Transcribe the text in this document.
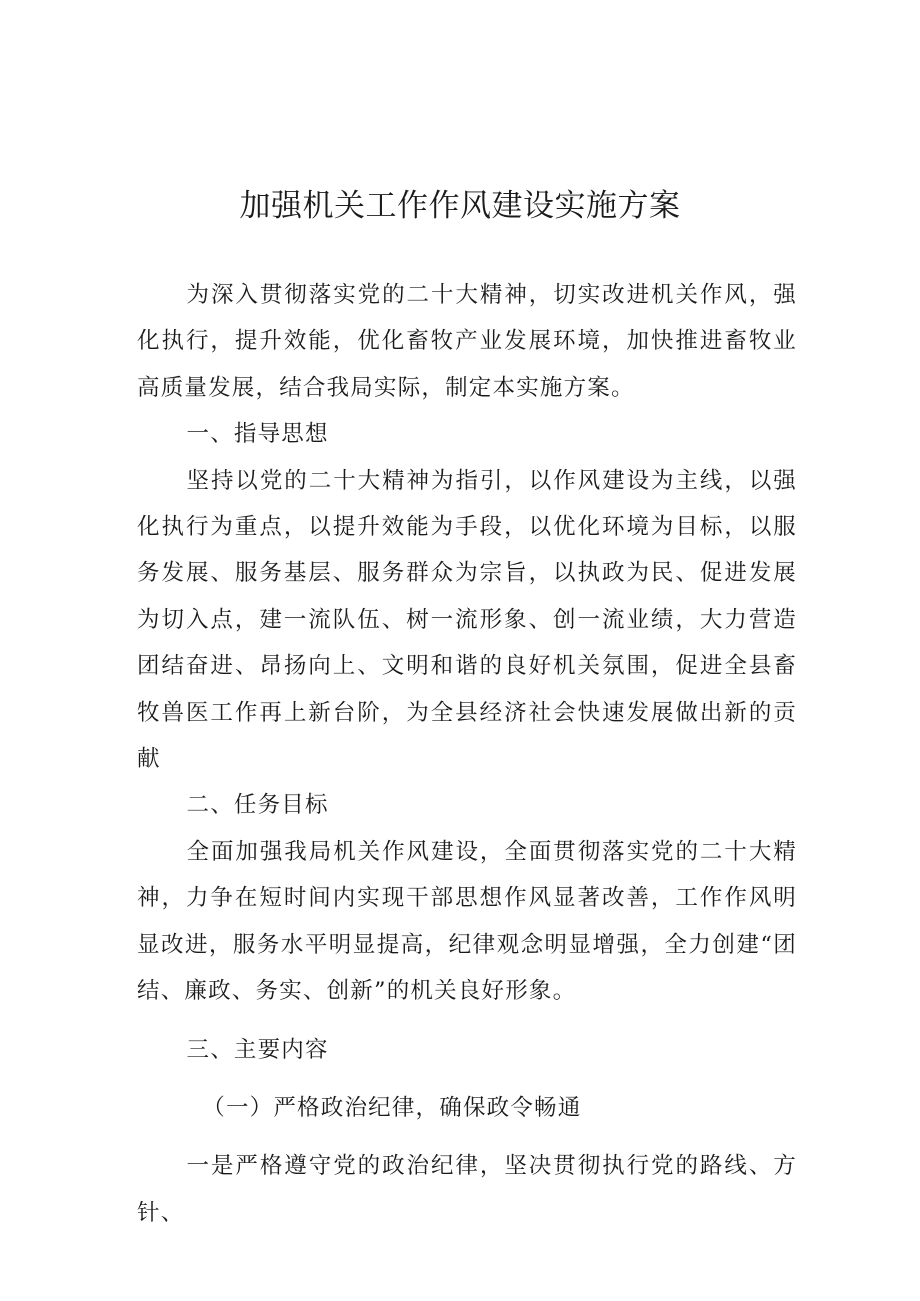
加强机关工作作风建设实施方案

为深入贯彻落实党的二十大精神，切实改进机关作风，强化执行，提升效能，优化畜牧产业发展环境，加快推进畜牧业高质量发展，结合我局实际，制定本实施方案。

一、指导思想

坚持以党的二十大精神为指引，以作风建设为主线，以强化执行为重点，以提升效能为手段，以优化环境为目标，以服务发展、服务基层、服务群众为宗旨，以执政为民、促进发展为切入点，建一流队伍、树一流形象、创一流业绩，大力营造团结奋进、昂扬向上、文明和谐的良好机关氛围，促进全县畜牧兽医工作再上新台阶，为全县经济社会快速发展做出新的贡献

二、任务目标

全面加强我局机关作风建设，全面贯彻落实党的二十大精神，力争在短时间内实现干部思想作风显著改善，工作作风明显改进，服务水平明显提高，纪律观念明显增强，全力创建“团结、廉政、务实、创新”的机关良好形象。

三、主要内容

（一）严格政治纪律，确保政令畅通

一是严格遵守党的政治纪律，坚决贯彻执行党的路线、方针、
